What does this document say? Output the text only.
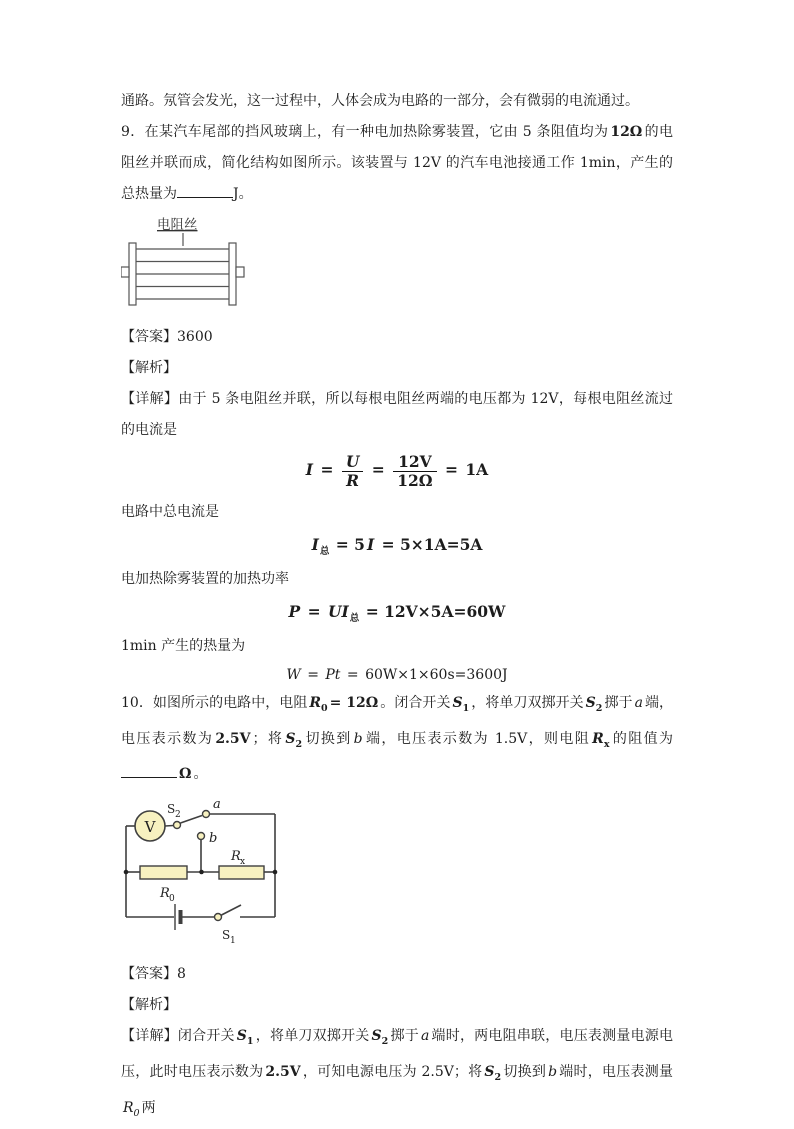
通路。氖管会发光，这一过程中，人体会成为电路的一部分，会有微弱的电流通过。

9．在某汽车尾部的挡风玻璃上，有一种电加热除雾装置，它由 5 条阻值均为 12Ω 的电阻丝并联而成，简化结构如图所示。该装置与 12V 的汽车电池接通工作 1min，产生的总热量为	J。

电阻丝

【答案】3600

【解析】

【详解】由于 5 条电阻丝并联，所以每根电阻丝两端的电压都为 12V，每根电阻丝流过的电流是

$I = \frac{U}{R} = \frac{12V}{12\Omega} = 1A$

电路中总电流是

$I_总 = 5$ I = 5×1A=5A

电加热除雾装置的加热功率

$P = UI_总 = 12V\times 5A=60W$

1min 产生的热量为

W = Pt = 60W×1×60s=3600J

10．如图所示的电路中，电阻 $R_0 = 12\Omega$ 。闭合开关 $S_1$ ，将单刀双掷开关 $S_2$ 掷于 a 端，电压表示数为 2.5V ；将 $S_2$ 切换到 b 端，电压表示数为 1.5V，则电阻 $R_x$ 的阻值为Ω 。

V
S 2
a
b
R x
R 0
S 1

【答案】8

【解析】

【详解】闭合开关 $S_1$ ，将单刀双掷开关 $S_2$ 掷于 a 端时，两电阻串联，电压表测量电源电压，此时电压表示数为 2.5V ，可知电源电压为 2.5V；将 $S_2$ 切换到 b 端时，电压表测量$R_0$ 两
